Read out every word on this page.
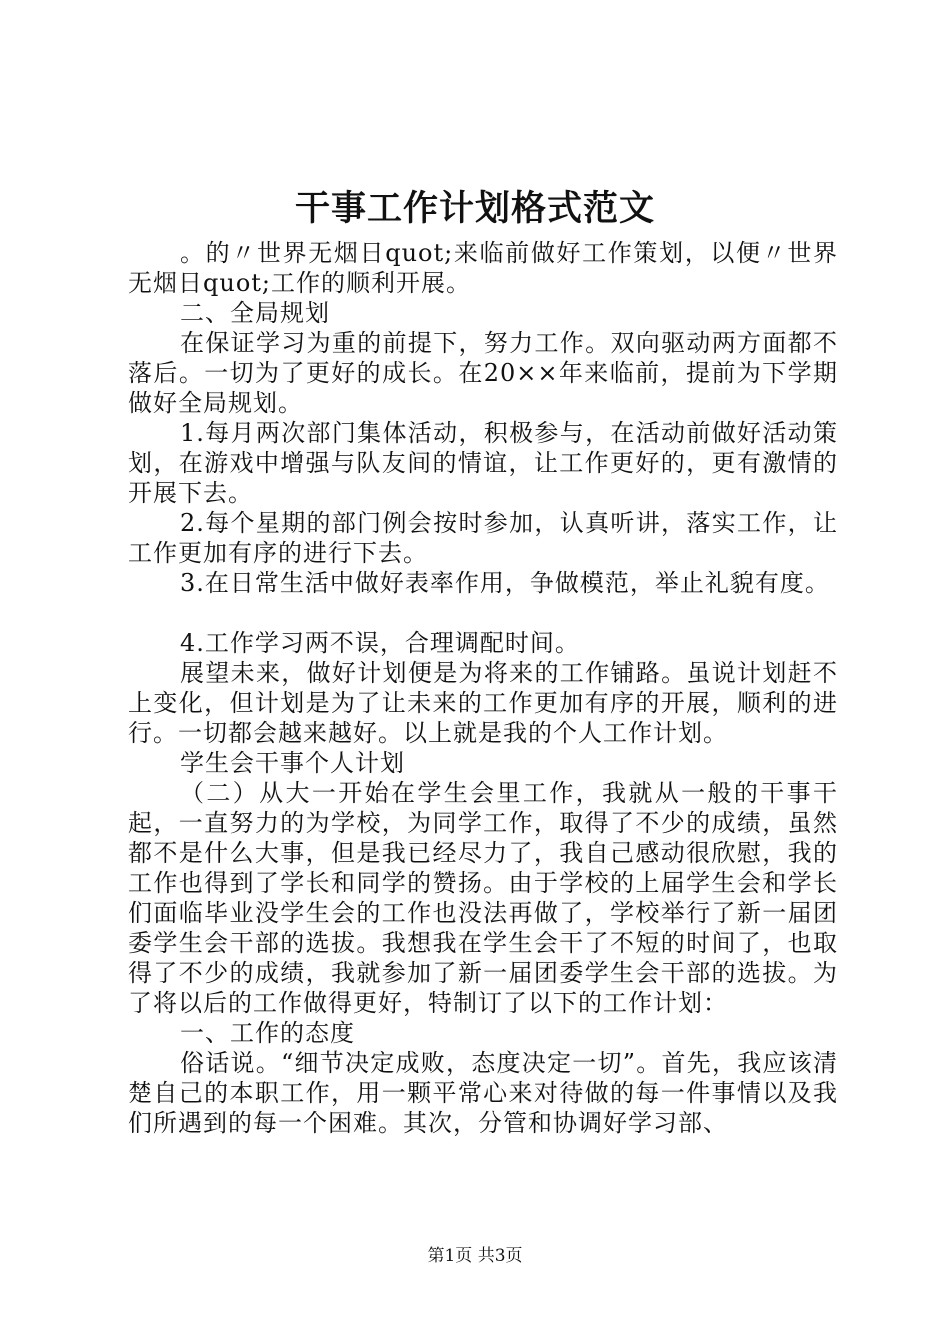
干事工作计划格式范文

。的〃世界无烟日quot;来临前做好工作策划，以便〃世界无烟日quot;工作的顺利开展。

二、全局规划

在保证学习为重的前提下，努力工作。双向驱动两方面都不落后。一切为了更好的成长。在20××年来临前，提前为下学期做好全局规划。

1.每月两次部门集体活动，积极参与，在活动前做好活动策划，在游戏中增强与队友间的情谊，让工作更好的，更有激情的开展下去。

2.每个星期的部门例会按时参加，认真听讲，落实工作，让工作更加有序的进行下去。

3.在日常生活中做好表率作用，争做模范，举止礼貌有度。

4.工作学习两不误，合理调配时间。

展望未来，做好计划便是为将来的工作铺路。虽说计划赶不上变化，但计划是为了让未来的工作更加有序的开展，顺利的进行。一切都会越来越好。以上就是我的个人工作计划。

学生会干事个人计划

（二）从大一开始在学生会里工作，我就从一般的干事干起，一直努力的为学校，为同学工作，取得了不少的成绩，虽然都不是什么大事，但是我已经尽力了，我自己感动很欣慰，我的工作也得到了学长和同学的赞扬。由于学校的上届学生会和学长们面临毕业没学生会的工作也没法再做了，学校举行了新一届团委学生会干部的选拔。我想我在学生会干了不短的时间了，也取得了不少的成绩，我就参加了新一届团委学生会干部的选拔。为了将以后的工作做得更好，特制订了以下的工作计划：

一、工作的态度

俗话说。“细节决定成败，态度决定一切”。首先，我应该清楚自己的本职工作，用一颗平常心来对待做的每一件事情以及我们所遇到的每一个困难。其次，分管和协调好学习部、

第1页 共3页
